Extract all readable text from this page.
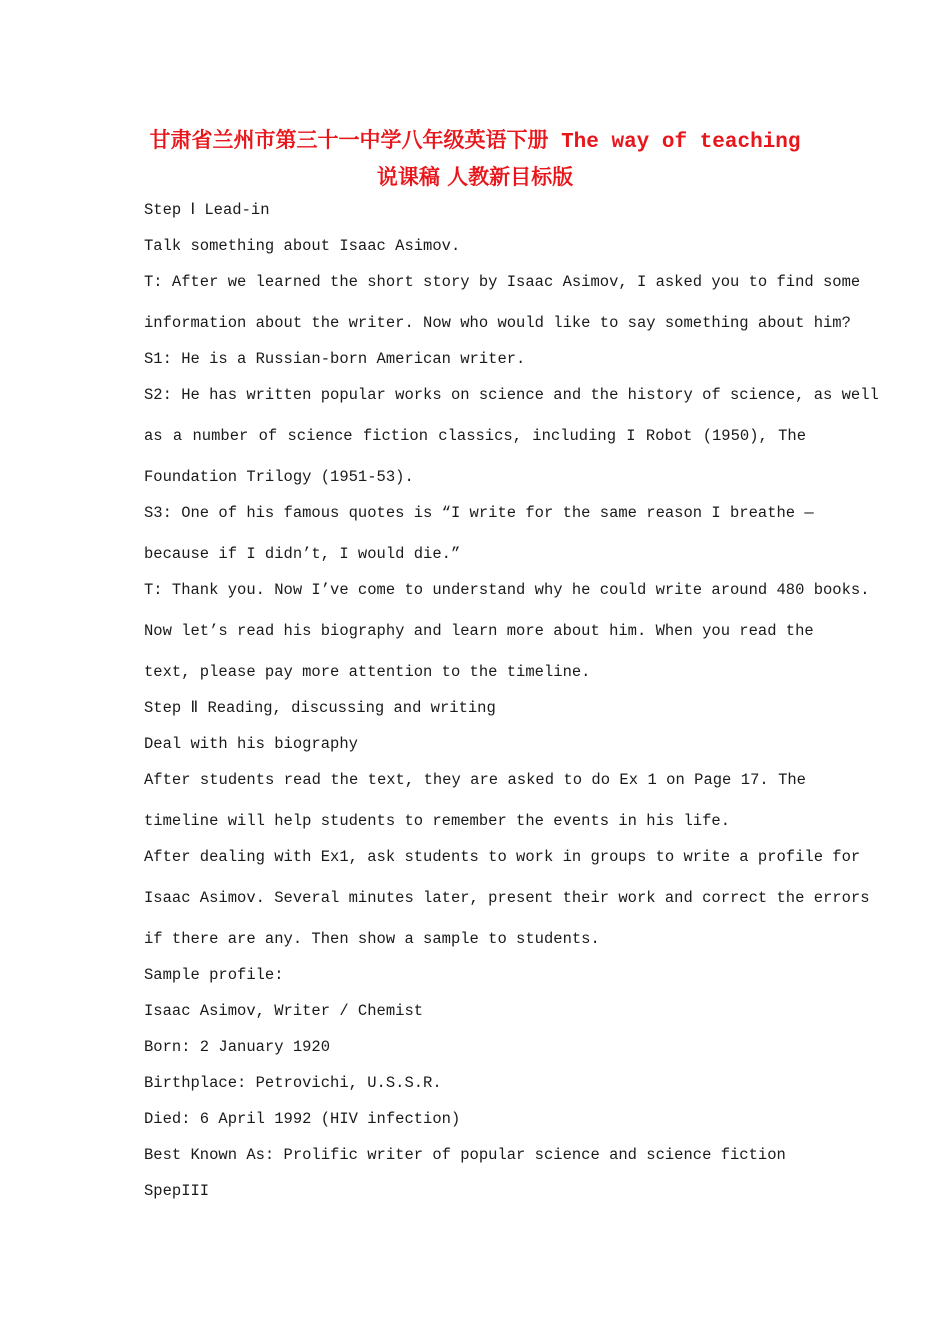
甘肃省兰州市第三十一中学八年级英语下册 The way of teaching
说课稿 人教新目标版
Step Ⅰ Lead-in
Talk something about Isaac Asimov.
T: After we learned the short story by Isaac Asimov, I asked you to find some
information about the writer. Now who would like to say something about him?
S1: He is a Russian-born American writer.
S2: He has written popular works on science and the history of science, as well
as a number of science fiction classics, including I Robot (1950), The
Foundation Trilogy (1951-53).
S3: One of his famous quotes is “I write for the same reason I breathe —
because if I didn’t, I would die.”
T: Thank you. Now I’ve come to understand why he could write around 480 books.
Now let’s read his biography and learn more about him. When you read the
text, please pay more attention to the timeline.
Step Ⅱ Reading, discussing and writing
Deal with his biography
After students read the text, they are asked to do Ex 1 on Page 17. The
timeline will help students to remember the events in his life.
After dealing with Ex1, ask students to work in groups to write a profile for
Isaac Asimov. Several minutes later, present their work and correct the errors
if there are any. Then show a sample to students.
Sample profile:
Isaac Asimov, Writer / Chemist
Born: 2 January 1920
Birthplace: Petrovichi, U.S.S.R.
Died: 6 April 1992 (HIV infection)
Best Known As: Prolific writer of popular science and science fiction
SpepIII
